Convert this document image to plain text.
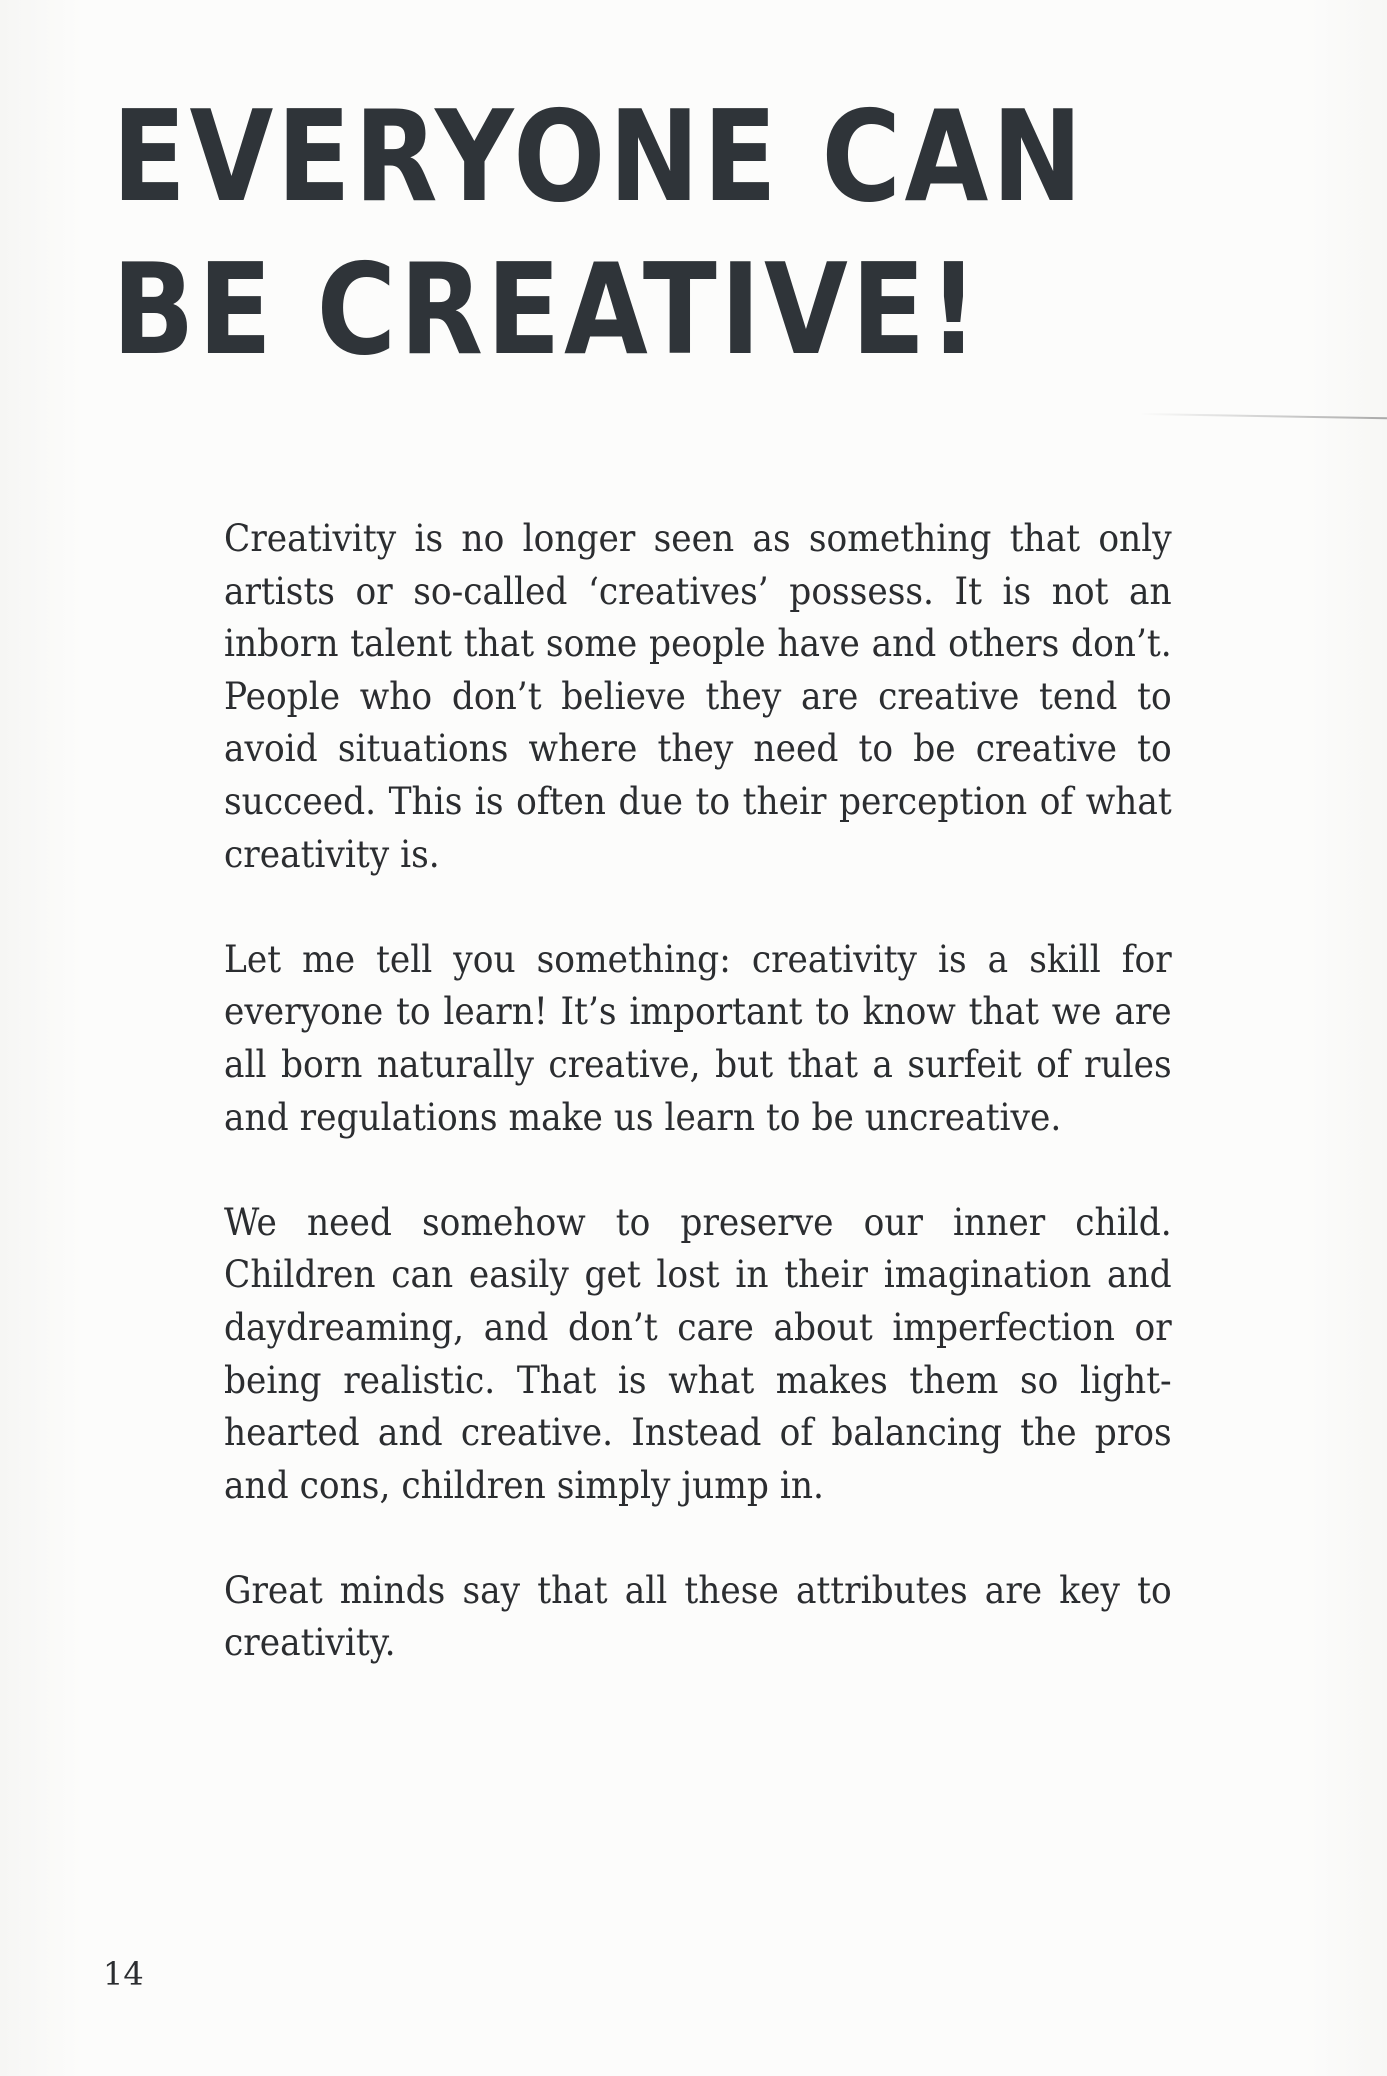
EVERYONE CAN
BE CREATIVE!

Creativity is no longer seen as something that only artists or so-called ‘creatives’ possess. It is not an inborn talent that some people have and others don’t. People who don’t believe they are creative tend to avoid situations where they need to be creative to succeed. This is often due to their perception of what creativity is.

Let me tell you something: creativity is a skill for everyone to learn! It’s important to know that we are all born naturally creative, but that a surfeit of rules and regulations make us learn to be uncreative.

We need somehow to preserve our inner child. Children can easily get lost in their imagination and daydreaming, and don’t care about imperfection or being realistic. That is what makes them so light-hearted and creative. Instead of balancing the pros and cons, children simply jump in.

Great minds say that all these attributes are key to creativity.

14
